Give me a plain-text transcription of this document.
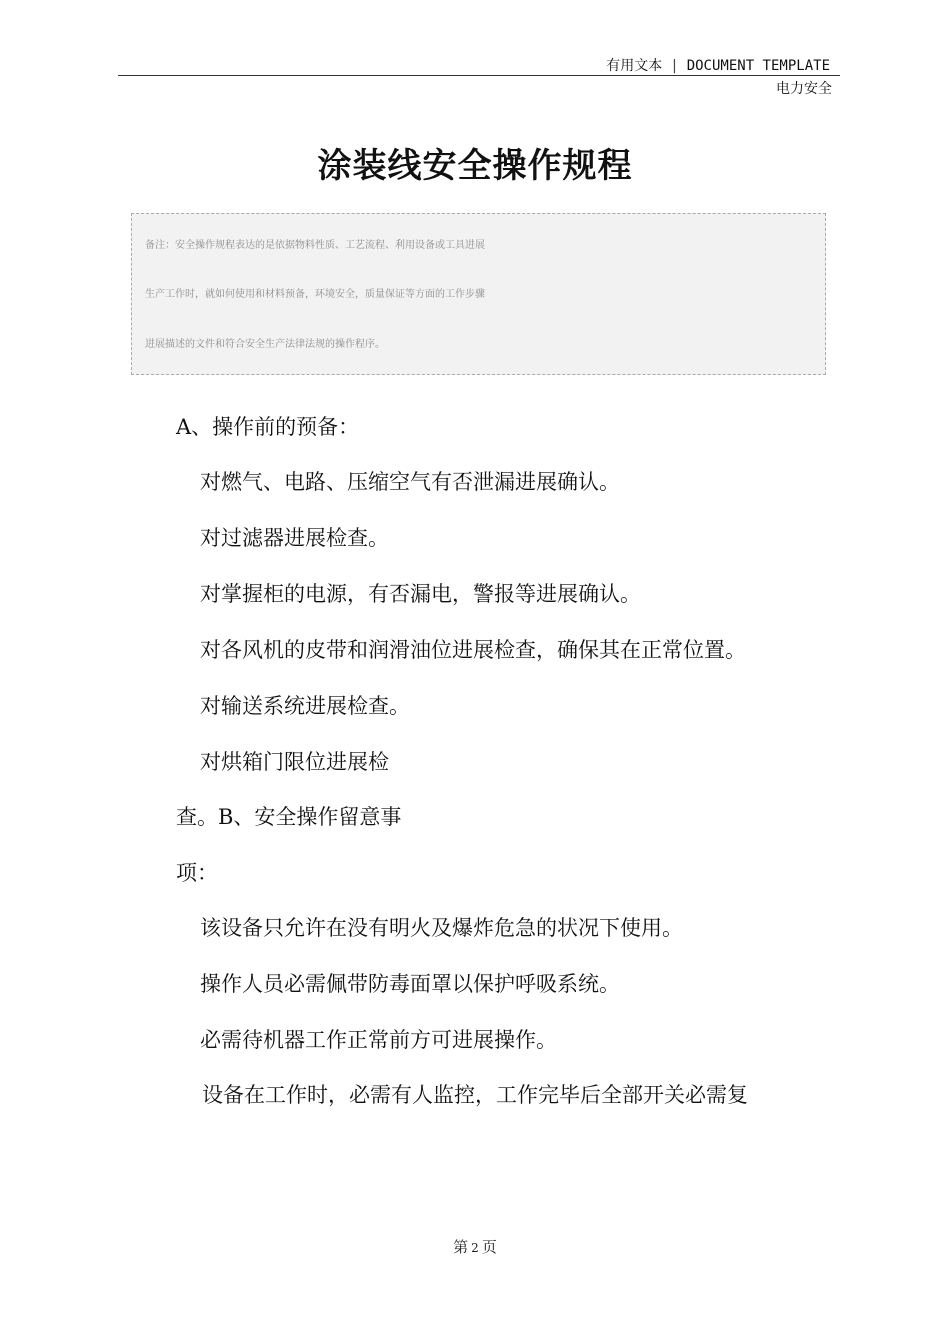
有用文本 | DOCUMENT TEMPLATE
电力安全
涂装线安全操作规程
备注：安全操作规程表达的是依据物料性质、工艺流程、利用设备或工具进展
生产工作时，就如何使用和材料预备，环境安全，质量保证等方面的工作步骤
进展描述的文件和符合安全生产法律法规的操作程序。
A、操作前的预备：
对燃气、电路、压缩空气有否泄漏进展确认。
对过滤器进展检查。
对掌握柜的电源，有否漏电，警报等进展确认。
对各风机的皮带和润滑油位进展检查，确保其在正常位置。
对输送系统进展检查。
对烘箱门限位进展检
查。B、安全操作留意事
项：
该设备只允许在没有明火及爆炸危急的状况下使用。
操作人员必需佩带防毒面罩以保护呼吸系统。
必需待机器工作正常前方可进展操作。
设备在工作时，必需有人监控，工作完毕后全部开关必需复
第 2 页
